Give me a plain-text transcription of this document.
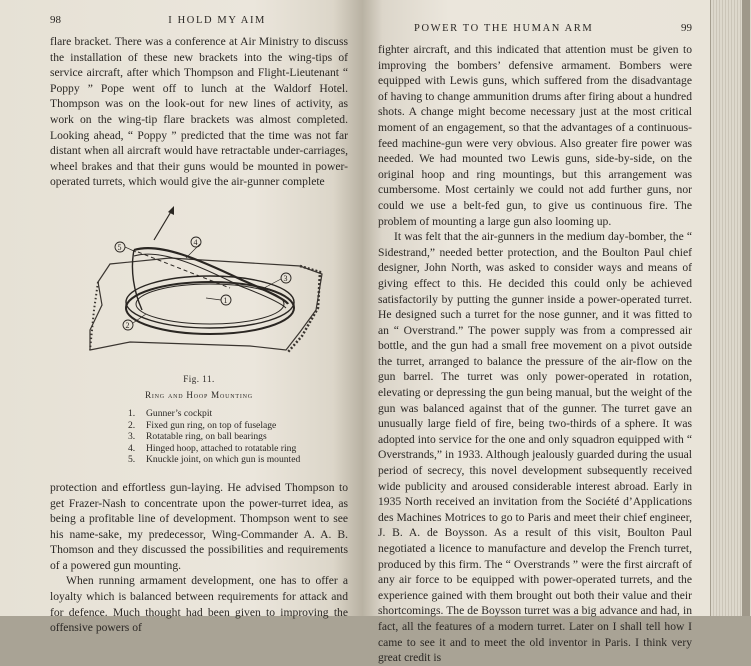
98	I HOLD MY AIM

flare bracket. There was a conference at Air Ministry to discuss the installation of these new brackets into the wing-tips of service aircraft, after which Thompson and Flight-Lieutenant “ Poppy ” Pope went off to lunch at the Waldorf Hotel. Thompson was on the look-out for new lines of activity, as work on the wing-tip flare brackets was almost completed. Looking ahead, “ Poppy ” predicted that the time was not far distant when all aircraft would have retractable under-carriages, wheel brakes and that their guns would be mounted in power-operated turrets, which would give the air-gunner complete

5
4
3
1
2
Fig. 11.
Ring and Hoop Mounting
1.	Gunner’s cockpit
2.	Fixed gun ring, on top of fuselage
3.	Rotatable ring, on ball bearings
4.	Hinged hoop, attached to rotatable ring
5.	Knuckle joint, on which gun is mounted

protection and effortless gun-laying. He advised Thompson to get Frazer-Nash to concentrate upon the power-turret idea, as being a profitable line of development. Thompson went to see his name-sake, my predecessor, Wing-Commander A. A. B. Thomson and they discussed the possibilities and requirements of a powered gun mounting.

When running armament development, one has to offer a loyalty which is balanced between requirements for attack and for defence. Much thought had been given to improving the offensive powers of

POWER TO THE HUMAN ARM	99

fighter aircraft, and this indicated that attention must be given to improving the bombers’ defensive armament. Bombers were equipped with Lewis guns, which suffered from the disadvantage of having to change ammunition drums after firing about a hundred shots. A change might become necessary just at the most critical moment of an engagement, so that the advantages of a continuous-feed machine-gun were very obvious. Also greater fire power was needed. We had mounted two Lewis guns, side-by-side, on the original hoop and ring mountings, but this arrangement was cumbersome. Most certainly we could not add further guns, nor could we use a belt-fed gun, to give us continuous fire. The problem of mounting a large gun also looming up.

It was felt that the air-gunners in the medium day-bomber, the “ Sidestrand,” needed better protection, and the Boulton Paul chief designer, John North, was asked to consider ways and means of giving effect to this. He decided this could only be achieved satisfactorily by putting the gunner inside a power-operated turret. He designed such a turret for the nose gunner, and it was fitted to an “ Overstrand.” The power supply was from a compressed air bottle, and the gun had a small free movement on a pivot outside the turret, arranged to balance the pressure of the air-flow on the gun barrel. The turret was only power-operated in rotation, elevating or depressing the gun being manual, but the weight of the gun was balanced against that of the gunner. The turret gave an unusually large field of fire, being two-thirds of a sphere. It was adopted into service for the one and only squadron equipped with “ Overstrands,” in 1933. Although jealously guarded during the usual period of secrecy, this novel development subsequently received wide publicity and aroused considerable interest abroad. Early in 1935 North received an invitation from the Société d’Applications des Machines Motrices to go to Paris and meet their chief engineer, J. B. A. de Boysson. As a result of this visit, Boulton Paul negotiated a licence to manufacture and develop the French turret, produced by this firm. The “ Overstrands ” were the first aircraft of any air force to be equipped with power-operated turrets, and the experience gained with them brought out both their value and their shortcomings. The de Boysson turret was a big advance and had, in fact, all the features of a modern turret. Later on I shall tell how I came to see it and to meet the old inventor in Paris. I think very great credit is
